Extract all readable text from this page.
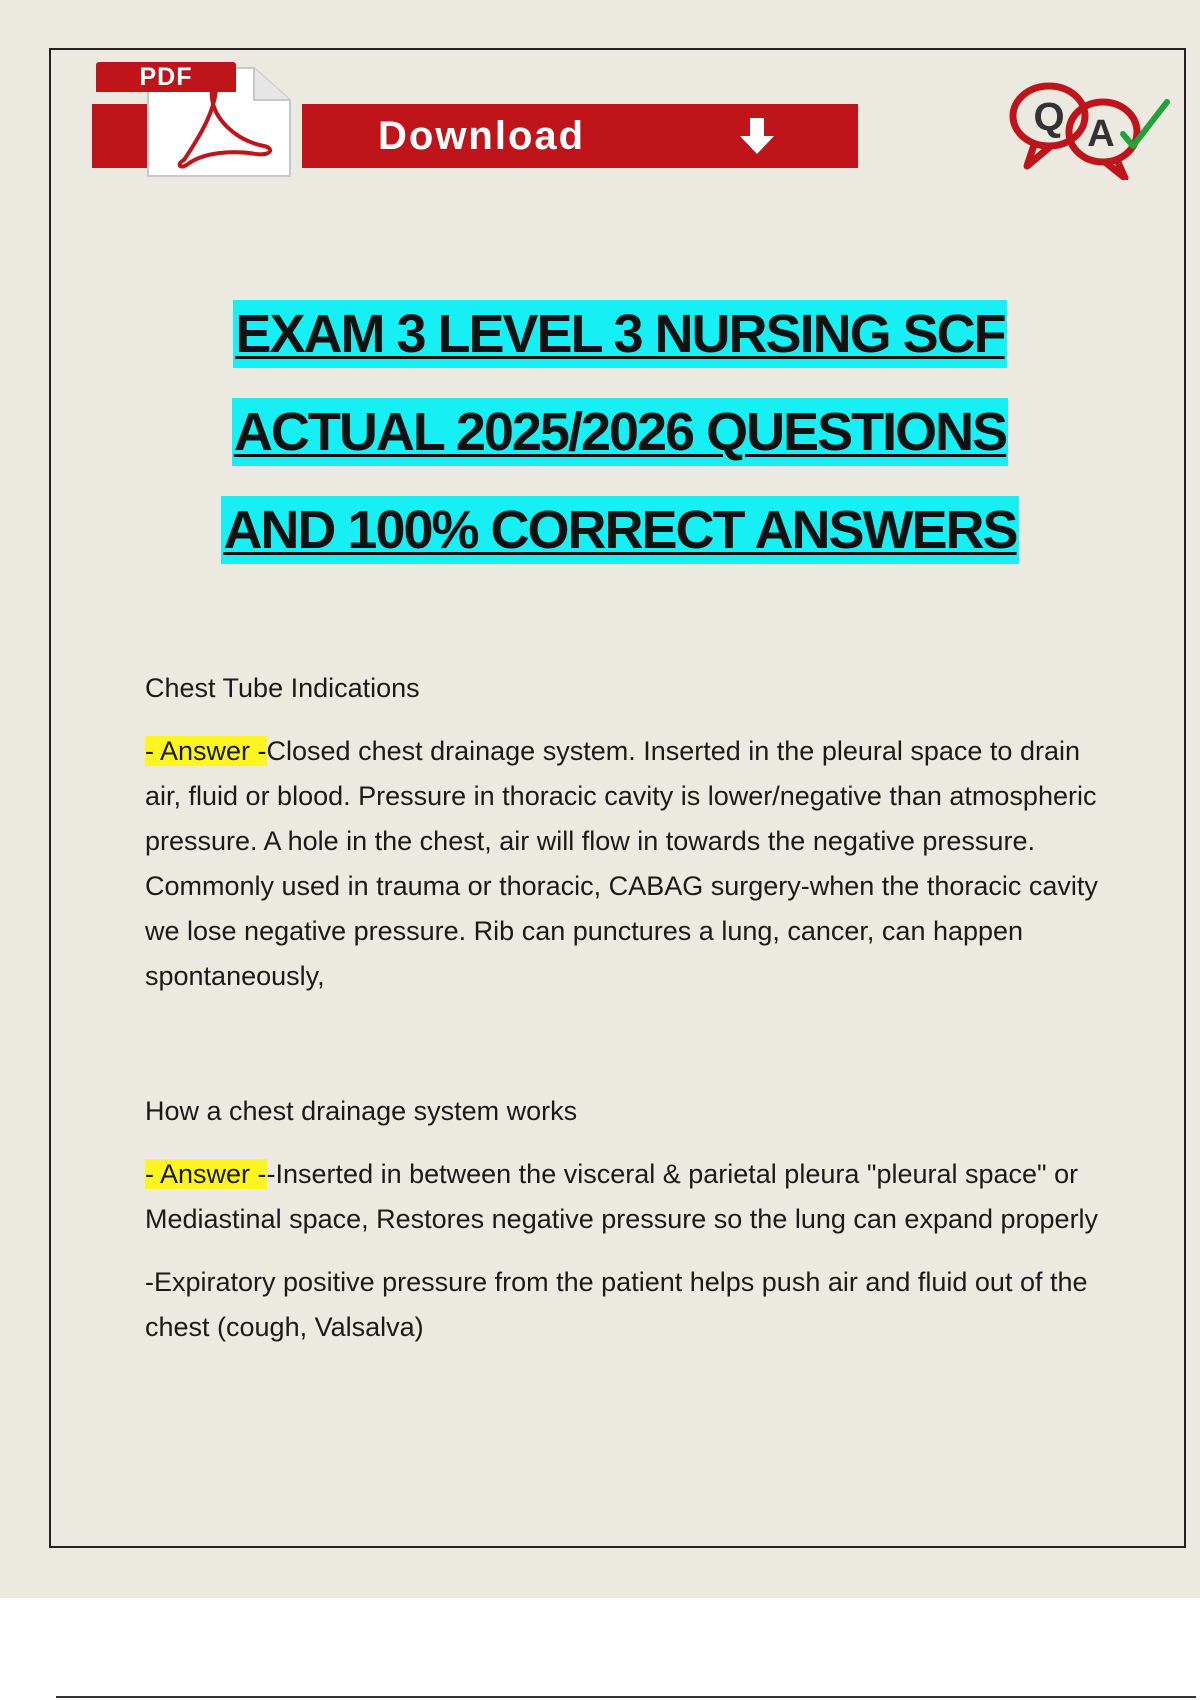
PDF
Download	Q A
EXAM 3 LEVEL 3 NURSING SCF
ACTUAL 2025/2026 QUESTIONS
AND 100% CORRECT ANSWERS

Chest Tube Indications

- Answer -Closed chest drainage system. Inserted in the pleural space to drain air, fluid or blood. Pressure in thoracic cavity is lower/negative than atmospheric pressure. A hole in the chest, air will flow in towards the negative pressure. Commonly used in trauma or thoracic, CABAG surgery-when the thoracic cavity we lose negative pressure. Rib can punctures a lung, cancer, can happen spontaneously,

How a chest drainage system works

- Answer --Inserted in between the visceral & parietal pleura "pleural space" or Mediastinal space, Restores negative pressure so the lung can expand properly

-Expiratory positive pressure from the patient helps push air and fluid out of the chest (cough, Valsalva)
